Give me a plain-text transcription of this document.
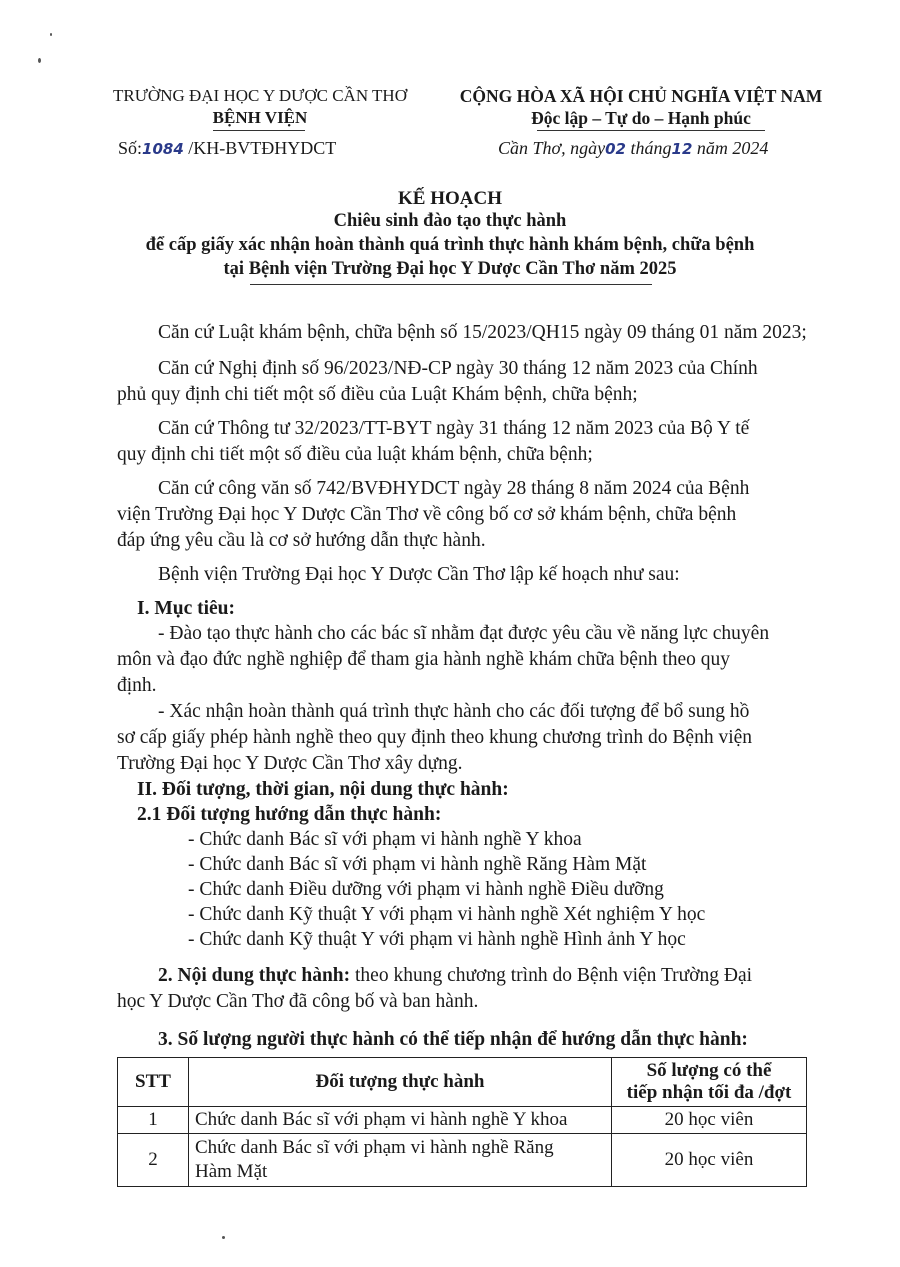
TRƯỜNG ĐẠI HỌC Y DƯỢC CẦN THƠ
BỆNH VIỆN
Số:1084 /KH-BVTĐHYDCT
CỘNG HÒA XÃ HỘI CHỦ NGHĨA VIỆT NAM
Độc lập – Tự do – Hạnh phúc
Cần Thơ, ngày02 tháng12 năm 2024
KẾ HOẠCH
Chiêu sinh đào tạo thực hành
để cấp giấy xác nhận hoàn thành quá trình thực hành khám bệnh, chữa bệnh
tại Bệnh viện Trường Đại học Y Dược Cần Thơ năm 2025
Căn cứ Luật khám bệnh, chữa bệnh số 15/2023/QH15 ngày 09 tháng 01 năm 2023;
Căn cứ Nghị định số 96/2023/NĐ-CP ngày 30 tháng 12 năm 2023 của Chính
phủ quy định chi tiết một số điều của Luật Khám bệnh, chữa bệnh;
Căn cứ Thông tư 32/2023/TT-BYT ngày 31 tháng 12 năm 2023 của Bộ Y tế
quy định chi tiết một số điều của luật khám bệnh, chữa bệnh;
Căn cứ công văn số 742/BVĐHYDCT ngày 28 tháng 8 năm 2024 của Bệnh
viện Trường Đại học Y Dược Cần Thơ về công bố cơ sở khám bệnh, chữa bệnh
đáp ứng yêu cầu là cơ sở hướng dẫn thực hành.
Bệnh viện Trường Đại học Y Dược Cần Thơ lập kế hoạch như sau:
I. Mục tiêu:
- Đào tạo thực hành cho các bác sĩ nhằm đạt được yêu cầu về năng lực chuyên
môn và đạo đức nghề nghiệp để tham gia hành nghề khám chữa bệnh theo quy
định.
- Xác nhận hoàn thành quá trình thực hành cho các đối tượng để bổ sung hồ
sơ cấp giấy phép hành nghề theo quy định theo khung chương trình do Bệnh viện
Trường Đại học Y Dược Cần Thơ xây dựng.
II. Đối tượng, thời gian, nội dung thực hành:
2.1 Đối tượng hướng dẫn thực hành:
- Chức danh Bác sĩ với phạm vi hành nghề Y khoa
- Chức danh Bác sĩ với phạm vi hành nghề Răng Hàm Mặt
- Chức danh Điều dưỡng với phạm vi hành nghề Điều dưỡng
- Chức danh Kỹ thuật Y với phạm vi hành nghề Xét nghiệm Y học
- Chức danh Kỹ thuật Y với phạm vi hành nghề Hình ảnh Y học
2. Nội dung thực hành: theo khung chương trình do Bệnh viện Trường Đại
học Y Dược Cần Thơ đã công bố và ban hành.
3. Số lượng người thực hành có thể tiếp nhận để hướng dẫn thực hành:
STT	Đối tượng thực hành	Số lượng có thể
tiếp nhận tối đa /đợt

1	Chức danh Bác sĩ với phạm vi hành nghề Y khoa	20 học viên
2	Chức danh Bác sĩ với phạm vi hành nghề Răng
Hàm Mặt	20 học viên
